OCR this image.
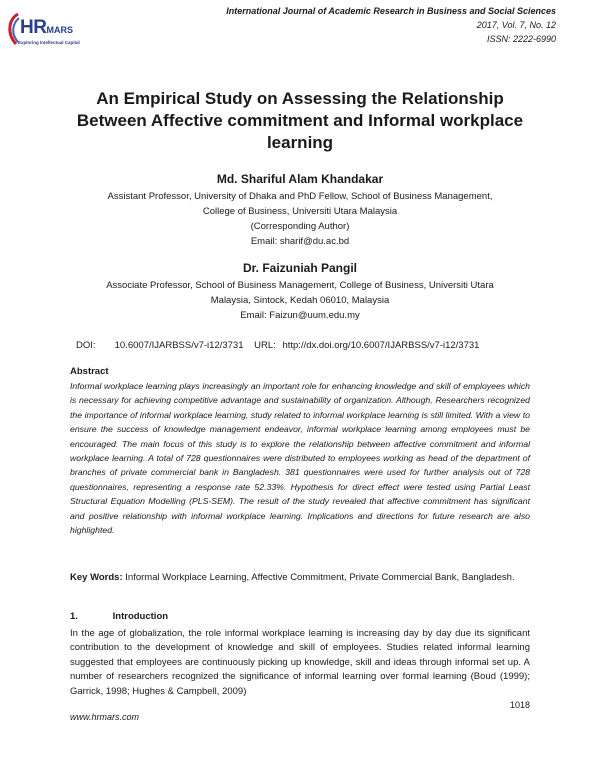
HRMARS
Exploring Intellectual Capital
International Journal of Academic Research in Business and Social Sciences
2017, Vol. 7, No. 12
ISSN: 2222-6990
An Empirical Study on Assessing the Relationship
Between Affective commitment and Informal workplace
learning
Md. Shariful Alam Khandakar
Assistant Professor, University of Dhaka and PhD Fellow, School of Business Management,
College of Business, Universiti Utara Malaysia
(Corresponding Author)
Email: sharif@du.ac.bd
Dr. Faizuniah Pangil
Associate Professor, School of Business Management, College of Business, Universiti Utara
Malaysia, Sintock, Kedah 06010, Malaysia
Email: Faizun@uum.edu.my
DOI: 10.6007/IJARBSS/v7-i12/3731 URL: http://dx.doi.org/10.6007/IJARBSS/v7-i12/3731
Abstract
Informal workplace learning plays increasingly an important role for enhancing knowledge and skill of employees which is necessary for achieving competitive advantage and sustainability of organization. Although, Researchers recognized the importance of informal workplace learning, study related to informal workplace learning is still limited. With a view to ensure the success of knowledge management endeavor, informal workplace learning among employees must be encouraged. The main focus of this study is to explore the relationship between affective commitment and informal workplace learning. A total of 728 questionnaires were distributed to employees working as head of the department of branches of private commercial bank in Bangladesh. 381 questionnaires were used for further analysis out of 728 questionnaires, representing a response rate 52.33%. Hypothesis for direct effect were tested using Partial Least Structural Equation Modelling (PLS-SEM). The result of the study revealed that affective commitment has significant and positive relationship with informal workplace learning. Implications and directions for future research are also highlighted.
Key Words: Informal Workplace Learning, Affective Commitment, Private Commercial Bank, Bangladesh.
1.	Introduction
In the age of globalization, the role informal workplace learning is increasing day by day due its significant contribution to the development of knowledge and skill of employees. Studies related informal learning suggested that employees are continuously picking up knowledge, skill and ideas through informal set up. A number of researchers recognized the significance of informal learning over formal learning (Boud (1999); Garrick, 1998; Hughes & Campbell, 2009)
1018
www.hrmars.com
